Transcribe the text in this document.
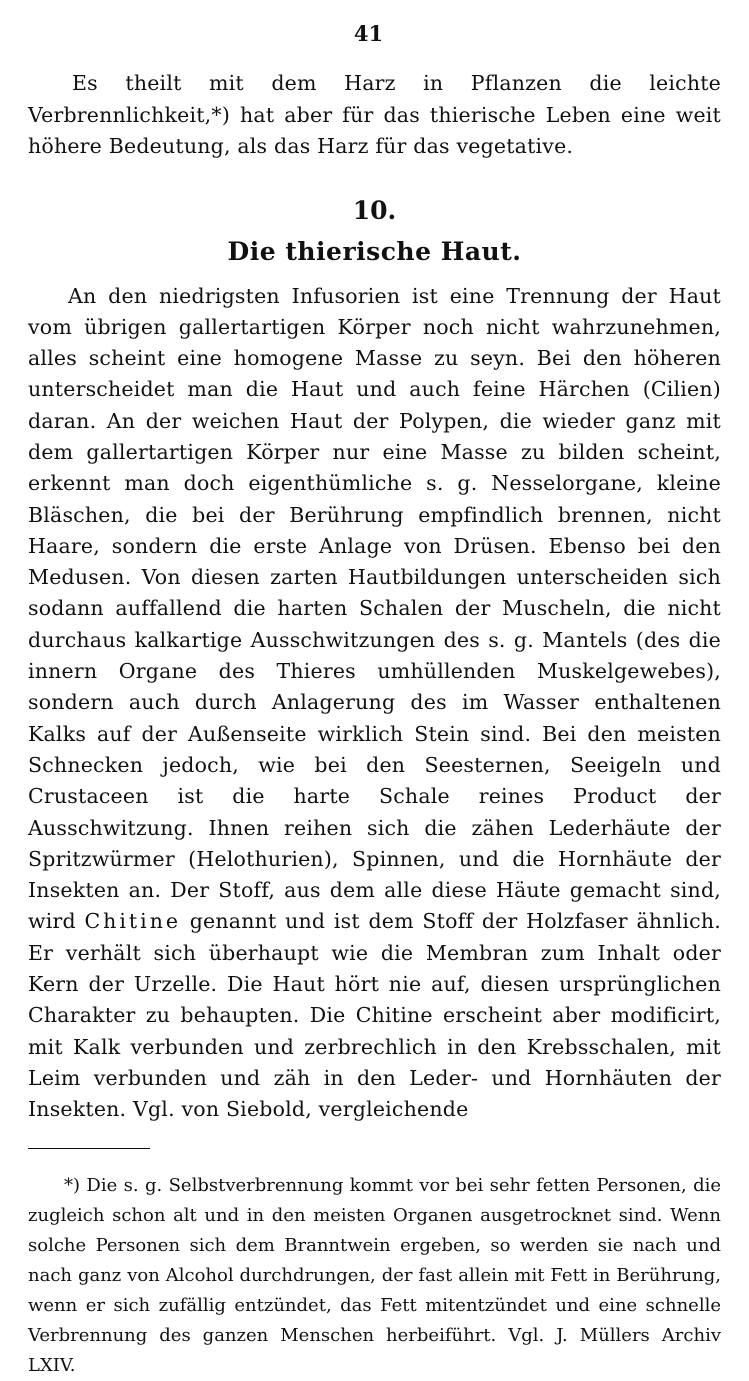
41

Es theilt mit dem Harz in Pflanzen die leichte Verbrennlichkeit,*) hat aber für das thierische Leben eine weit höhere Bedeutung, als das Harz für das vegetative.

10.
Die thierische Haut.

An den niedrigsten Infusorien ist eine Trennung der Haut vom übrigen gallertartigen Körper noch nicht wahrzunehmen, alles scheint eine homogene Masse zu seyn. Bei den höheren unterscheidet man die Haut und auch feine Härchen (Cilien) daran. An der weichen Haut der Polypen, die wieder ganz mit dem gallertartigen Körper nur eine Masse zu bilden scheint, erkennt man doch eigenthümliche s. g. Nesselorgane, kleine Bläschen, die bei der Berührung empfindlich brennen, nicht Haare, sondern die erste Anlage von Drüsen. Ebenso bei den Medusen. Von diesen zarten Hautbildungen unterscheiden sich sodann auffallend die harten Schalen der Muscheln, die nicht durchaus kalkartige Ausschwitzungen des s. g. Mantels (des die innern Organe des Thieres umhüllenden Muskelgewebes), sondern auch durch Anlagerung des im Wasser enthaltenen Kalks auf der Außenseite wirklich Stein sind. Bei den meisten Schnecken jedoch, wie bei den Seesternen, Seeigeln und Crustaceen ist die harte Schale reines Product der Ausschwitzung. Ihnen reihen sich die zähen Lederhäute der Spritzwürmer (Helothurien), Spinnen, und die Hornhäute der Insekten an. Der Stoff, aus dem alle diese Häute gemacht sind, wird Chitine genannt und ist dem Stoff der Holzfaser ähnlich. Er verhält sich überhaupt wie die Membran zum Inhalt oder Kern der Urzelle. Die Haut hört nie auf, diesen ursprünglichen Charakter zu behaupten. Die Chitine erscheint aber modificirt, mit Kalk verbunden und zerbrechlich in den Krebsschalen, mit Leim verbunden und zäh in den Leder- und Hornhäuten der Insekten. Vgl. von Siebold, vergleichende

*) Die s. g. Selbstverbrennung kommt vor bei sehr fetten Personen, die zugleich schon alt und in den meisten Organen ausgetrocknet sind. Wenn solche Personen sich dem Branntwein ergeben, so werden sie nach und nach ganz von Alcohol durchdrungen, der fast allein mit Fett in Berührung, wenn er sich zufällig entzündet, das Fett mitentzündet und eine schnelle Verbrennung des ganzen Menschen herbeiführt. Vgl. J. Müllers Archiv LXIV.
